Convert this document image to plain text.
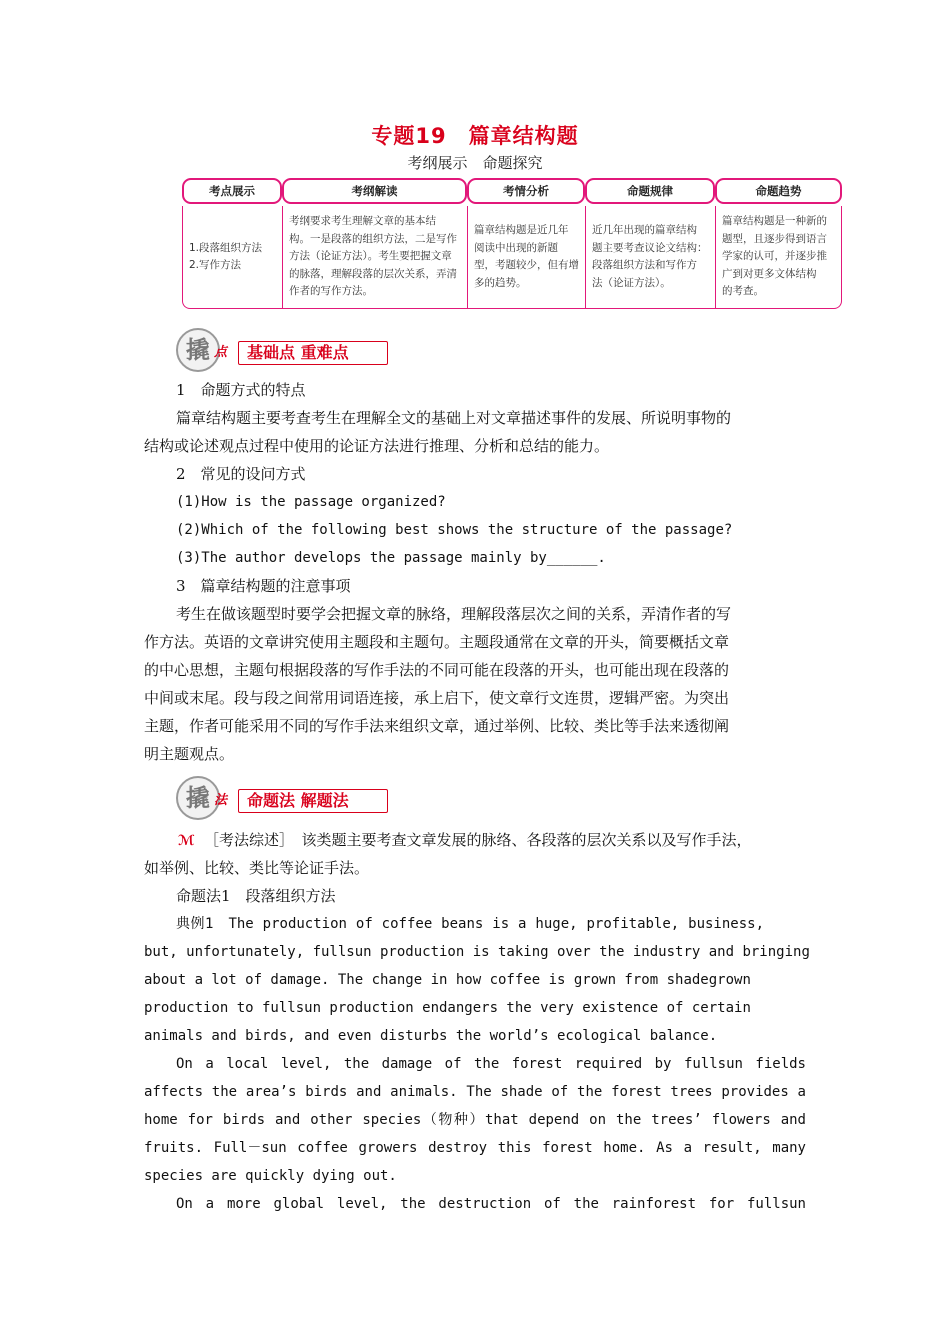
专题19　篇章结构题
考纲展示　命题探究
考点展示
1.段落组织方法
2.写作方法
考纲解读
考纲要求考生理解文章的基本结
构。一是段落的组织方法，二是写作
方法（论证方法）。考生要把握文章
的脉落，理解段落的层次关系，弄清
作者的写作方法。
考情分析
篇章结构题是近几年
阅读中出现的新题
型，考题较少，但有增
多的趋势。
命题规律
近几年出现的篇章结构
题主要考查议论文结构：
段落组织方法和写作方
法（论证方法）。
命题趋势
篇章结构题是一种新的
题型，且逐步得到语言
学家的认可，并逐步推
广到对更多文体结构
的考查。
撬 点	基础点 重难点
1　命题方式的特点
篇章结构题主要考查考生在理解全文的基础上对文章描述事件的发展、所说明事物的
结构或论述观点过程中使用的论证方法进行推理、分析和总结的能力。
2　常见的设问方式
(1)How is the passage organized?
(2)Which of the following best shows the structure of the passage?
(3)The author develops the passage mainly by______.
3　篇章结构题的注意事项
考生在做该题型时要学会把握文章的脉络，理解段落层次之间的关系，弄清作者的写
作方法。英语的文章讲究使用主题段和主题句。主题段通常在文章的开头，简要概括文章
的中心思想，主题句根据段落的写作手法的不同可能在段落的开头，也可能出现在段落的
中间或末尾。段与段之间常用词语连接，承上启下，使文章行文连贯，逻辑严密。为突出
主题，作者可能采用不同的写作手法来组织文章，通过举例、比较、类比等手法来透彻阐
明主题观点。
撬 法	命题法 解题法
ℳ ［考法综述］　该类题主要考查文章发展的脉络、各段落的层次关系以及写作手法，
如举例、比较、类比等论证手法。
命题法1　段落组织方法
典例1　The production of coffee beans is a huge, profitable, business,
but, unfortunately, fullsun production is taking over the industry and bringing
about a lot of damage. The change in how coffee is grown from shadegrown
production to fullsun production endangers the very existence of certain
animals and birds, and even disturbs the world’s ecological balance.
On a local level, the damage of the forest required by fullsun fields
affects the area’s birds and animals. The shade of the forest trees provides a
home for birds and other species（物种）that depend on the trees’ flowers and
fruits. Full－sun coffee growers destroy this forest home. As a result, many
species are quickly dying out.
On a more global level, the destruction of the rainforest for fullsun
